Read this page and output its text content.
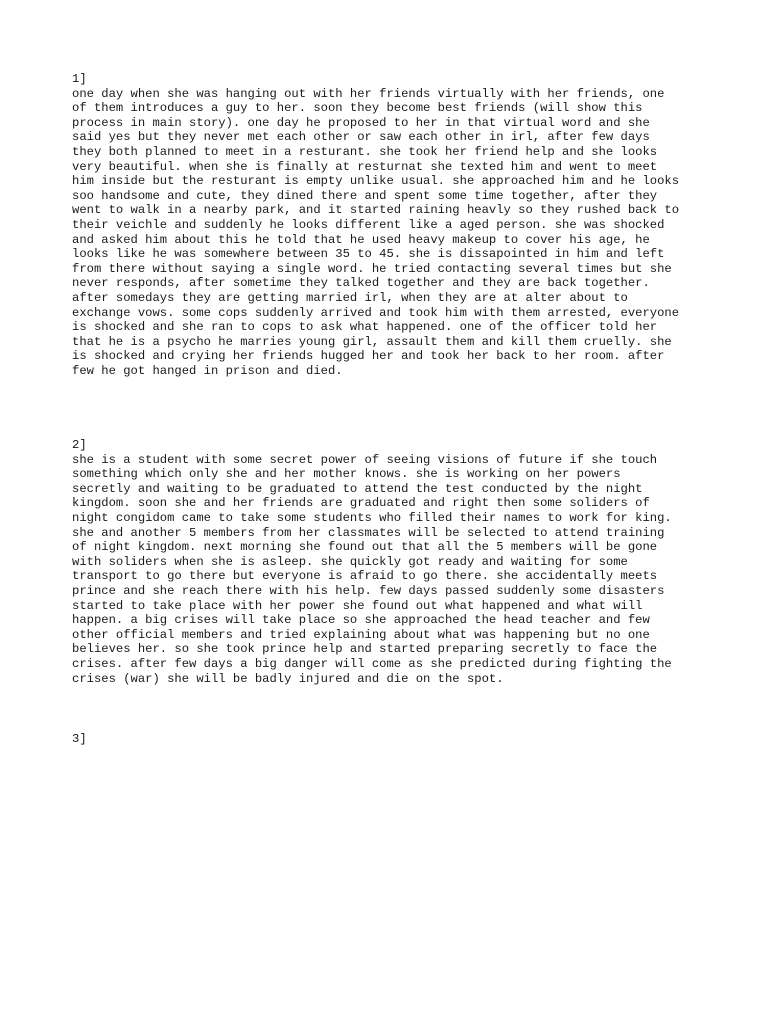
1]
one day when she was hanging out with her friends virtually with her friends, one
of them introduces a guy to her. soon they become best friends (will show this
process in main story). one day he proposed to her in that virtual word and she
said yes but they never met each other or saw each other in irl, after few days
they both planned to meet in a resturant. she took her friend help and she looks
very beautiful. when she is finally at resturnat she texted him and went to meet
him inside but the resturant is empty unlike usual. she approached him and he looks
soo handsome and cute, they dined there and spent some time together, after they
went to walk in a nearby park, and it started raining heavly so they rushed back to
their veichle and suddenly he looks different like a aged person. she was shocked
and asked him about this he told that he used heavy makeup to cover his age, he
looks like he was somewhere between 35 to 45. she is dissapointed in him and left
from there without saying a single word. he tried contacting several times but she
never responds, after sometime they talked together and they are back together.
after somedays they are getting married irl, when they are at alter about to
exchange vows. some cops suddenly arrived and took him with them arrested, everyone
is shocked and she ran to cops to ask what happened. one of the officer told her
that he is a psycho he marries young girl, assault them and kill them cruelly. she
is shocked and crying her friends hugged her and took her back to her room. after
few he got hanged in prison and died.
2]
she is a student with some secret power of seeing visions of future if she touch
something which only she and her mother knows. she is working on her powers
secretly and waiting to be graduated to attend the test conducted by the night
kingdom. soon she and her friends are graduated and right then some soliders of
night congidom came to take some students who filled their names to work for king.
she and another 5 members from her classmates will be selected to attend training
of night kingdom. next morning she found out that all the 5 members will be gone
with soliders when she is asleep. she quickly got ready and waiting for some
transport to go there but everyone is afraid to go there. she accidentally meets
prince and she reach there with his help. few days passed suddenly some disasters
started to take place with her power she found out what happened and what will
happen. a big crises will take place so she approached the head teacher and few
other official members and tried explaining about what was happening but no one
believes her. so she took prince help and started preparing secretly to face the
crises. after few days a big danger will come as she predicted during fighting the
crises (war) she will be badly injured and die on the spot.
3]
